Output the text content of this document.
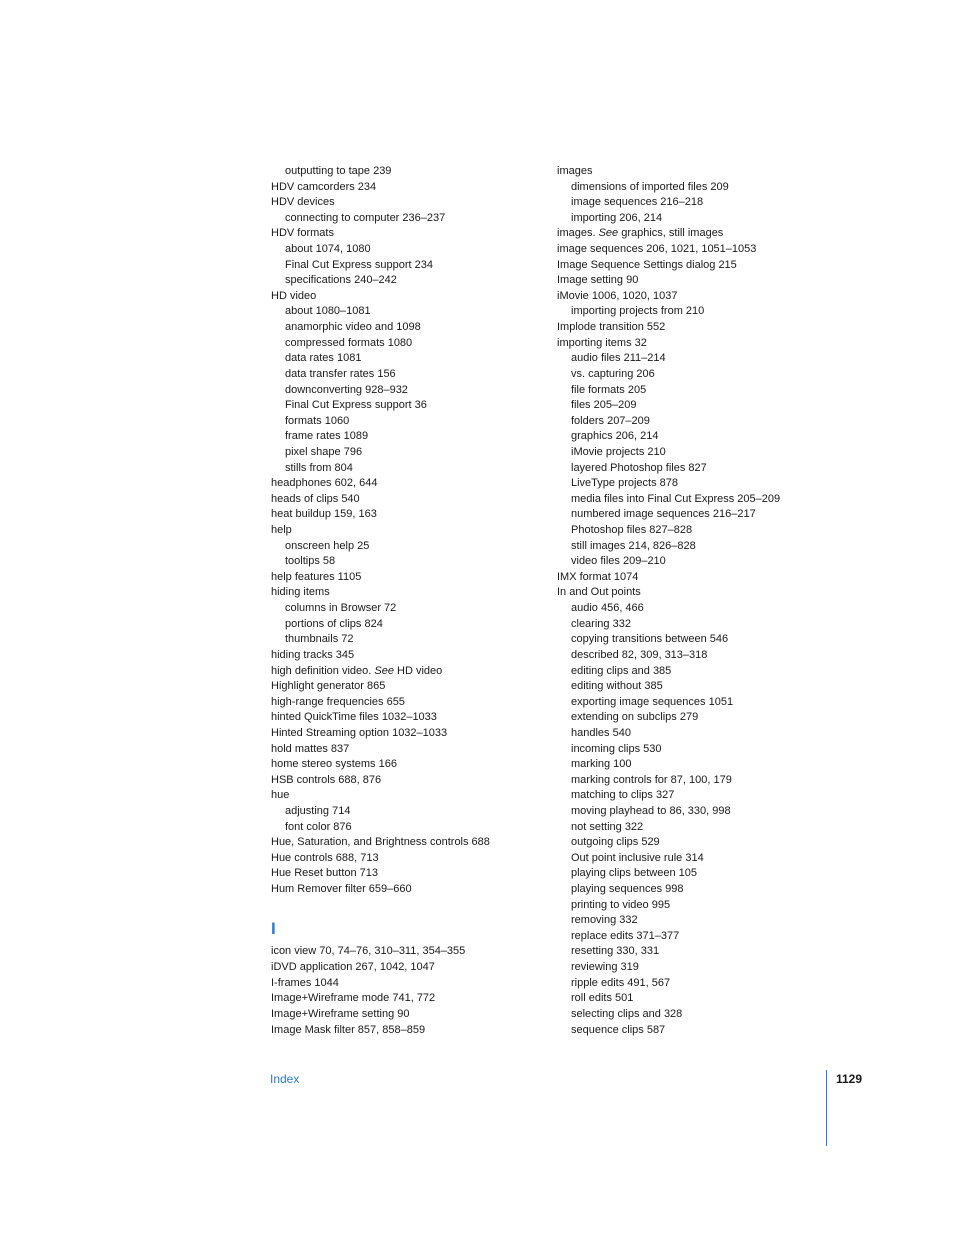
outputting to tape 239
HDV camcorders 234
HDV devices
connecting to computer 236–237
HDV formats
about 1074, 1080
Final Cut Express support 234
specifications 240–242
HD video
about 1080–1081
anamorphic video and 1098
compressed formats 1080
data rates 1081
data transfer rates 156
downconverting 928–932
Final Cut Express support 36
formats 1060
frame rates 1089
pixel shape 796
stills from 804
headphones 602, 644
heads of clips 540
heat buildup 159, 163
help
onscreen help 25
tooltips 58
help features 1105
hiding items
columns in Browser 72
portions of clips 824
thumbnails 72
hiding tracks 345
high definition video. See HD video
Highlight generator 865
high-range frequencies 655
hinted QuickTime files 1032–1033
Hinted Streaming option 1032–1033
hold mattes 837
home stereo systems 166
HSB controls 688, 876
hue
adjusting 714
font color 876
Hue, Saturation, and Brightness controls 688
Hue controls 688, 713
Hue Reset button 713
Hum Remover filter 659–660
I
icon view 70, 74–76, 310–311, 354–355
iDVD application 267, 1042, 1047
I-frames 1044
Image+Wireframe mode 741, 772
Image+Wireframe setting 90
Image Mask filter 857, 858–859
images
dimensions of imported files 209
image sequences 216–218
importing 206, 214
images. See graphics, still images
image sequences 206, 1021, 1051–1053
Image Sequence Settings dialog 215
Image setting 90
iMovie 1006, 1020, 1037
importing projects from 210
Implode transition 552
importing items 32
audio files 211–214
vs. capturing 206
file formats 205
files 205–209
folders 207–209
graphics 206, 214
iMovie projects 210
layered Photoshop files 827
LiveType projects 878
media files into Final Cut Express 205–209
numbered image sequences 216–217
Photoshop files 827–828
still images 214, 826–828
video files 209–210
IMX format 1074
In and Out points
audio 456, 466
clearing 332
copying transitions between 546
described 82, 309, 313–318
editing clips and 385
editing without 385
exporting image sequences 1051
extending on subclips 279
handles 540
incoming clips 530
marking 100
marking controls for 87, 100, 179
matching to clips 327
moving playhead to 86, 330, 998
not setting 322
outgoing clips 529
Out point inclusive rule 314
playing clips between 105
playing sequences 998
printing to video 995
removing 332
replace edits 371–377
resetting 330, 331
reviewing 319
ripple edits 491, 567
roll edits 501
selecting clips and 328
sequence clips 587
Index	1129
